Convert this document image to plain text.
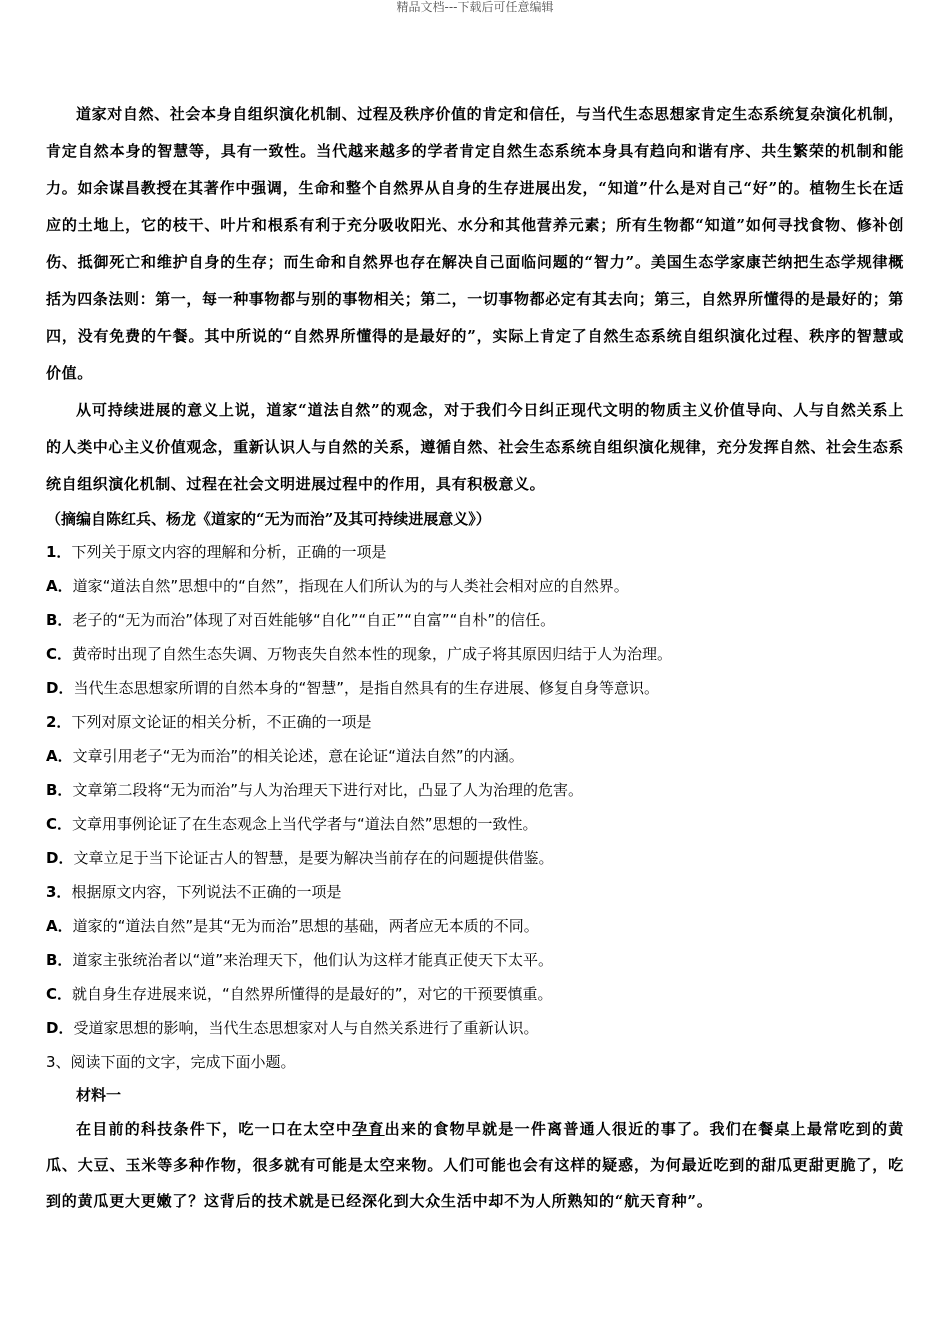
精品文档---下载后可任意编辑

道家对自然、社会本身自组织演化机制、过程及秩序价值的肯定和信任，与当代生态思想家肯定生态系统复杂演化机制，肯定自然本身的智慧等，具有一致性。当代越来越多的学者肯定自然生态系统本身具有趋向和谐有序、共生繁荣的机制和能力。如余谋昌教授在其著作中强调，生命和整个自然界从自身的生存进展出发，“知道”什么是对自己“好”的。植物生长在适应的土地上，它的枝干、叶片和根系有利于充分吸收阳光、水分和其他营养元素；所有生物都“知道”如何寻找食物、修补创伤、抵御死亡和维护自身的生存；而生命和自然界也存在解决自己面临问题的“智力”。美国生态学家康芒纳把生态学规律概括为四条法则：第一，每一种事物都与别的事物相关；第二，一切事物都必定有其去向；第三，自然界所懂得的是最好的；第四，没有免费的午餐。其中所说的“自然界所懂得的是最好的”，实际上肯定了自然生态系统自组织演化过程、秩序的智慧或价值。

从可持续进展的意义上说，道家“道法自然”的观念，对于我们今日纠正现代文明的物质主义价值导向、人与自然关系上的人类中心主义价值观念，重新认识人与自然的关系，遵循自然、社会生态系统自组织演化规律，充分发挥自然、社会生态系统自组织演化机制、过程在社会文明进展过程中的作用，具有积极意义。

（摘编自陈红兵、杨龙《道家的“无为而治”及其可持续进展意义》）

1．下列关于原文内容的理解和分析，正确的一项是

A．道家“道法自然”思想中的“自然”，指现在人们所认为的与人类社会相对应的自然界。

B．老子的“无为而治”体现了对百姓能够“自化”“自正”“自富”“自朴”的信任。

C．黄帝时出现了自然生态失调、万物丧失自然本性的现象，广成子将其原因归结于人为治理。

D．当代生态思想家所谓的自然本身的“智慧”，是指自然具有的生存进展、修复自身等意识。

2．下列对原文论证的相关分析，不正确的一项是

A．文章引用老子“无为而治”的相关论述，意在论证“道法自然”的内涵。

B．文章第二段将“无为而治”与人为治理天下进行对比，凸显了人为治理的危害。

C．文章用事例论证了在生态观念上当代学者与“道法自然”思想的一致性。

D．文章立足于当下论证古人的智慧，是要为解决当前存在的问题提供借鉴。

3．根据原文内容，下列说法不正确的一项是

A．道家的“道法自然”是其“无为而治”思想的基础，两者应无本质的不同。

B．道家主张统治者以“道”来治理天下，他们认为这样才能真正使天下太平。

C．就自身生存进展来说，“自然界所懂得的是最好的”，对它的干预要慎重。

D．受道家思想的影响，当代生态思想家对人与自然关系进行了重新认识。

3、阅读下面的文字，完成下面小题。

材料一

在目前的科技条件下，吃一口在太空中孕育出来的食物早就是一件离普通人很近的事了。我们在餐桌上最常吃到的黄瓜、大豆、玉米等多种作物，很多就有可能是太空来物。人们可能也会有这样的疑惑，为何最近吃到的甜瓜更甜更脆了，吃到的黄瓜更大更嫩了？这背后的技术就是已经深化到大众生活中却不为人所熟知的“航天育种”。
